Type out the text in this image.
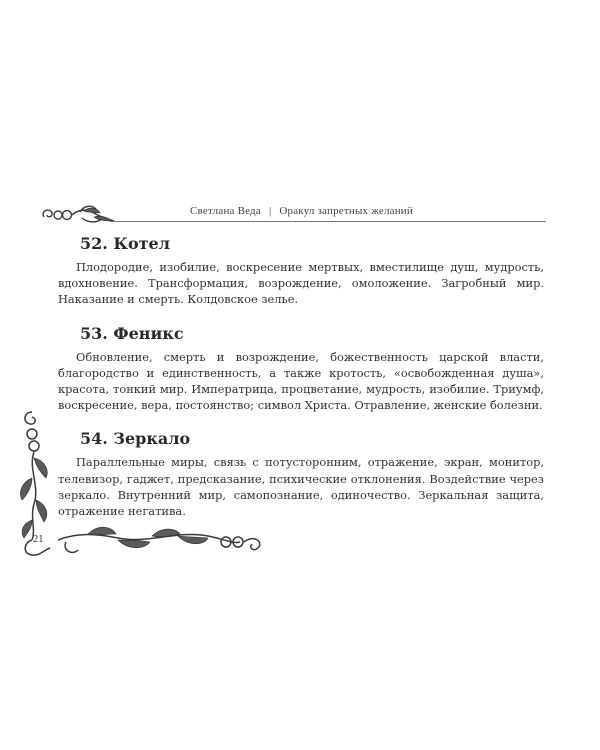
Светлана Веда | Оракул запретных желаний
52. Котел

Плодородие, изобилие, воскресение мертвых, вместилище душ, мудрость, вдохновение. Трансформация, возрождение, омоложение. Загробный мир. Наказание и смерть. Колдовское зелье.

53. Феникс

Обновление, смерть и возрождение, божественность царской власти, благородство и единственность, а также кротость, «освобожденная душа», красота, тонкий мир. Императрица, процветание, мудрость, изобилие. Триумф, воскресение, вера, постоянство; символ Христа. Отравление, женские болезни.

54. Зеркало

Параллельные миры, связь с потусторонним, отражение, экран, монитор, телевизор, гаджет, предсказание, психические отклонения. Воздействие через зеркало. Внутренний мир, самопознание, одиночество. Зеркальная защита, отражение негатива.

21
